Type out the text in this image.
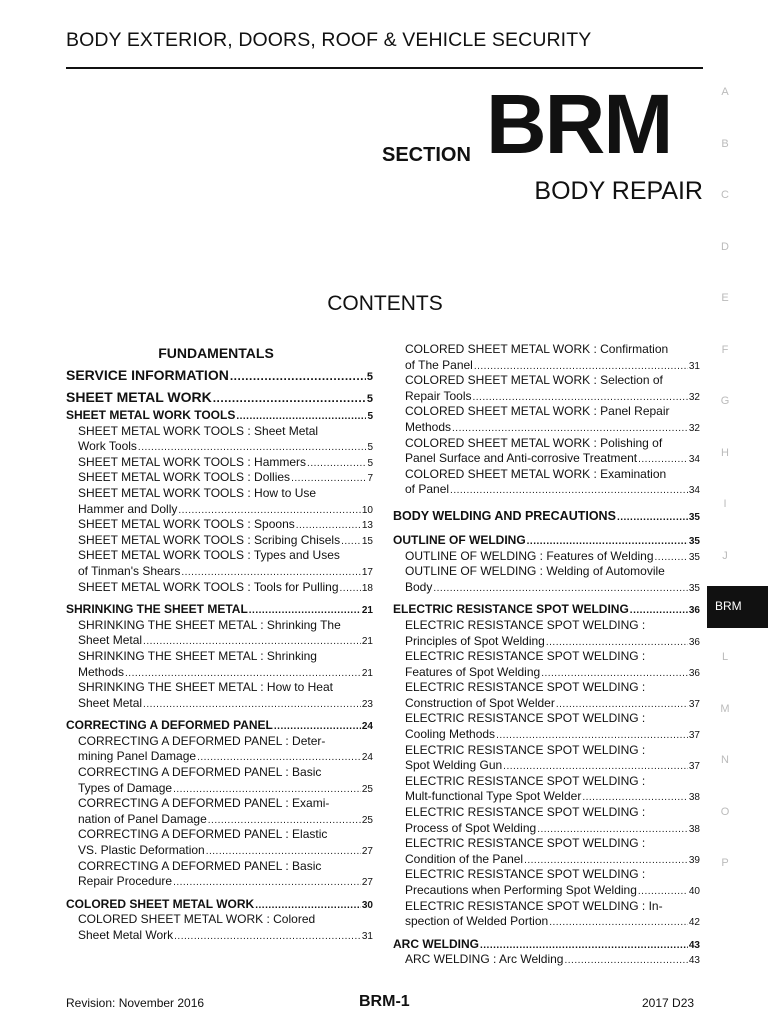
BODY EXTERIOR, DOORS, ROOF & VEHICLE SECURITY
SECTION BRM
BODY REPAIR
CONTENTS
A
B
C
D
E
F
G
H
I
J
L
M
N
O
P
BRM
FUNDAMENTALS
SERVICE INFORMATION .....	5
SHEET METAL WORK .....	5
SHEET METAL WORK TOOLS .....	5
SHEET METAL WORK TOOLS : Sheet Metal
Work Tools .....	5
SHEET METAL WORK TOOLS : Hammers .....	5
SHEET METAL WORK TOOLS : Dollies .....	7
SHEET METAL WORK TOOLS : How to Use
Hammer and Dolly .....	10
SHEET METAL WORK TOOLS : Spoons .....	13
SHEET METAL WORK TOOLS : Scribing Chisels ..... 15
SHEET METAL WORK TOOLS : Types and Uses
of Tinman's Shears .....	17
SHEET METAL WORK TOOLS : Tools for Pulling ..... 18
SHRINKING THE SHEET METAL .....	21
SHRINKING THE SHEET METAL : Shrinking The
Sheet Metal .....	21
SHRINKING THE SHEET METAL : Shrinking
Methods .....	21
SHRINKING THE SHEET METAL : How to Heat
Sheet Metal .....	23
CORRECTING A DEFORMED PANEL .....	24
CORRECTING A DEFORMED PANEL : Deter-
mining Panel Damage .....	24
CORRECTING A DEFORMED PANEL : Basic
Types of Damage .....	25
CORRECTING A DEFORMED PANEL : Exami-
nation of Panel Damage .....	25
CORRECTING A DEFORMED PANEL : Elastic
VS. Plastic Deformation .....	27
CORRECTING A DEFORMED PANEL : Basic
Repair Procedure .....	27
COLORED SHEET METAL WORK .....	30
COLORED SHEET METAL WORK : Colored
Sheet Metal Work .....	31
COLORED SHEET METAL WORK : Confirmation
of The Panel .....	31
COLORED SHEET METAL WORK : Selection of
Repair Tools .....	32
COLORED SHEET METAL WORK : Panel Repair
Methods .....	32
COLORED SHEET METAL WORK : Polishing of
Panel Surface and Anti-corrosive Treatment .....	34
COLORED SHEET METAL WORK : Examination
of Panel .....	34
BODY WELDING AND PRECAUTIONS .....	35
OUTLINE OF WELDING .....	35
OUTLINE OF WELDING : Features of Welding .....	35
OUTLINE OF WELDING : Welding of Automovile
Body .....	35
ELECTRIC RESISTANCE SPOT WELDING .....	36
ELECTRIC RESISTANCE SPOT WELDING :
Principles of Spot Welding .....	36
ELECTRIC RESISTANCE SPOT WELDING :
Features of Spot Welding .....	36
ELECTRIC RESISTANCE SPOT WELDING :
Construction of Spot Welder .....	37
ELECTRIC RESISTANCE SPOT WELDING :
Cooling Methods .....	37
ELECTRIC RESISTANCE SPOT WELDING :
Spot Welding Gun .....	37
ELECTRIC RESISTANCE SPOT WELDING :
Mult-functional Type Spot Welder .....	38
ELECTRIC RESISTANCE SPOT WELDING :
Process of Spot Welding .....	38
ELECTRIC RESISTANCE SPOT WELDING :
Condition of the Panel .....	39
ELECTRIC RESISTANCE SPOT WELDING :
Precautions when Performing Spot Welding .....	40
ELECTRIC RESISTANCE SPOT WELDING : In-
spection of Welded Portion .....	42
ARC WELDING .....	43
ARC WELDING : Arc Welding .....	43
Revision: November 2016	BRM-1	2017 D23
